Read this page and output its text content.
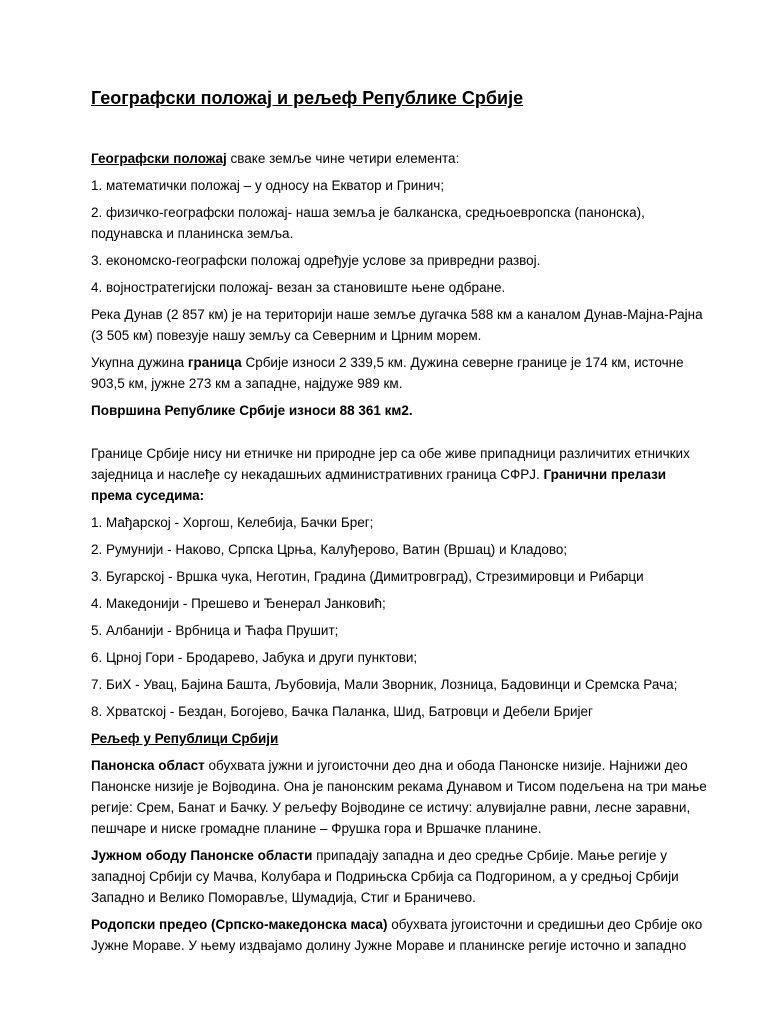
Географски положај и рељеф Републике Србије

Географски положај сваке земље чине четири елемента:

1. математички положај – у односу на Екватор и Гринич;

2. физичко-географски положај- наша земља је балканска, средњоевропска (панонска), подунавска и планинска земља.

3. економско-географски положај одређује услове за привредни развој.

4. војностратегијски положај- везан за становиште њене одбране.

Река Дунав (2 857 км) је на територији наше земље дугачка 588 км а каналом Дунав-Мајна-Рајна (3 505 км) повезује нашу земљу са Северним и Црним морем.

Укупна дужина граница Србије износи 2 339,5 км. Дужина северне границе је 174 км, источне 903,5 км, јужне 273 км а западне, најдуже 989 км.

Површина Републике Србије износи 88 361 км2.

Границе Србије нису ни етничке ни природне јер са обе живе припадници различитих етничких заједница и наслеђе су некадашњих административних граница СФРЈ. Гранични прелази према суседима:

1. Мађарској - Хоргош, Келебија, Бачки Брег;

2. Румунији - Наково, Српска Црња, Калуђерово, Ватин (Вршац) и Кладово;

3. Бугарској - Вршка чука, Неготин, Градина (Димитровград), Стрезимировци и Рибарци

4. Македонији - Прешево и Ђенерал Јанковић;

5. Албанији - Врбница и Ћафа Прушит;

6. Црној Гори - Бродарево, Јабука и други пунктови;

7. БиХ - Увац, Бајина Башта, Љубовија, Мали Зворник, Лозница, Бадовинци и Сремска Рача;

8. Хрватској - Бездан, Богојево, Бачка Паланка, Шид, Батровци и Дебели Бријег

Рељеф у Републици Србији

Панонска област обухвата јужни и југоисточни део дна и обода Панонске низије. Најнижи део Панонске низије је Војводина. Она је панонским рекама Дунавом и Тисом подељена на три мање регије: Срем, Банат и Бачку. У рељефу Војводине се истичу: алувијалне равни, лесне заравни, пешчаре и ниске громадне планине – Фрушка гора и Вршачке планине.

Јужном ободу Панонске области припадају западна и део средње Србије. Мање регије у западној Србији су Мачва, Колубара и Подрињска Србија са Подгорином, а у средњој Србији Западно и Велико Поморавље, Шумадија, Стиг и Браничево.

Родопски предео (Српско-македонска маса) обухвата југоисточни и средишњи део Србије око Јужне Мораве. У њему издвајамо долину Јужне Мораве и планинске регије источно и западно
